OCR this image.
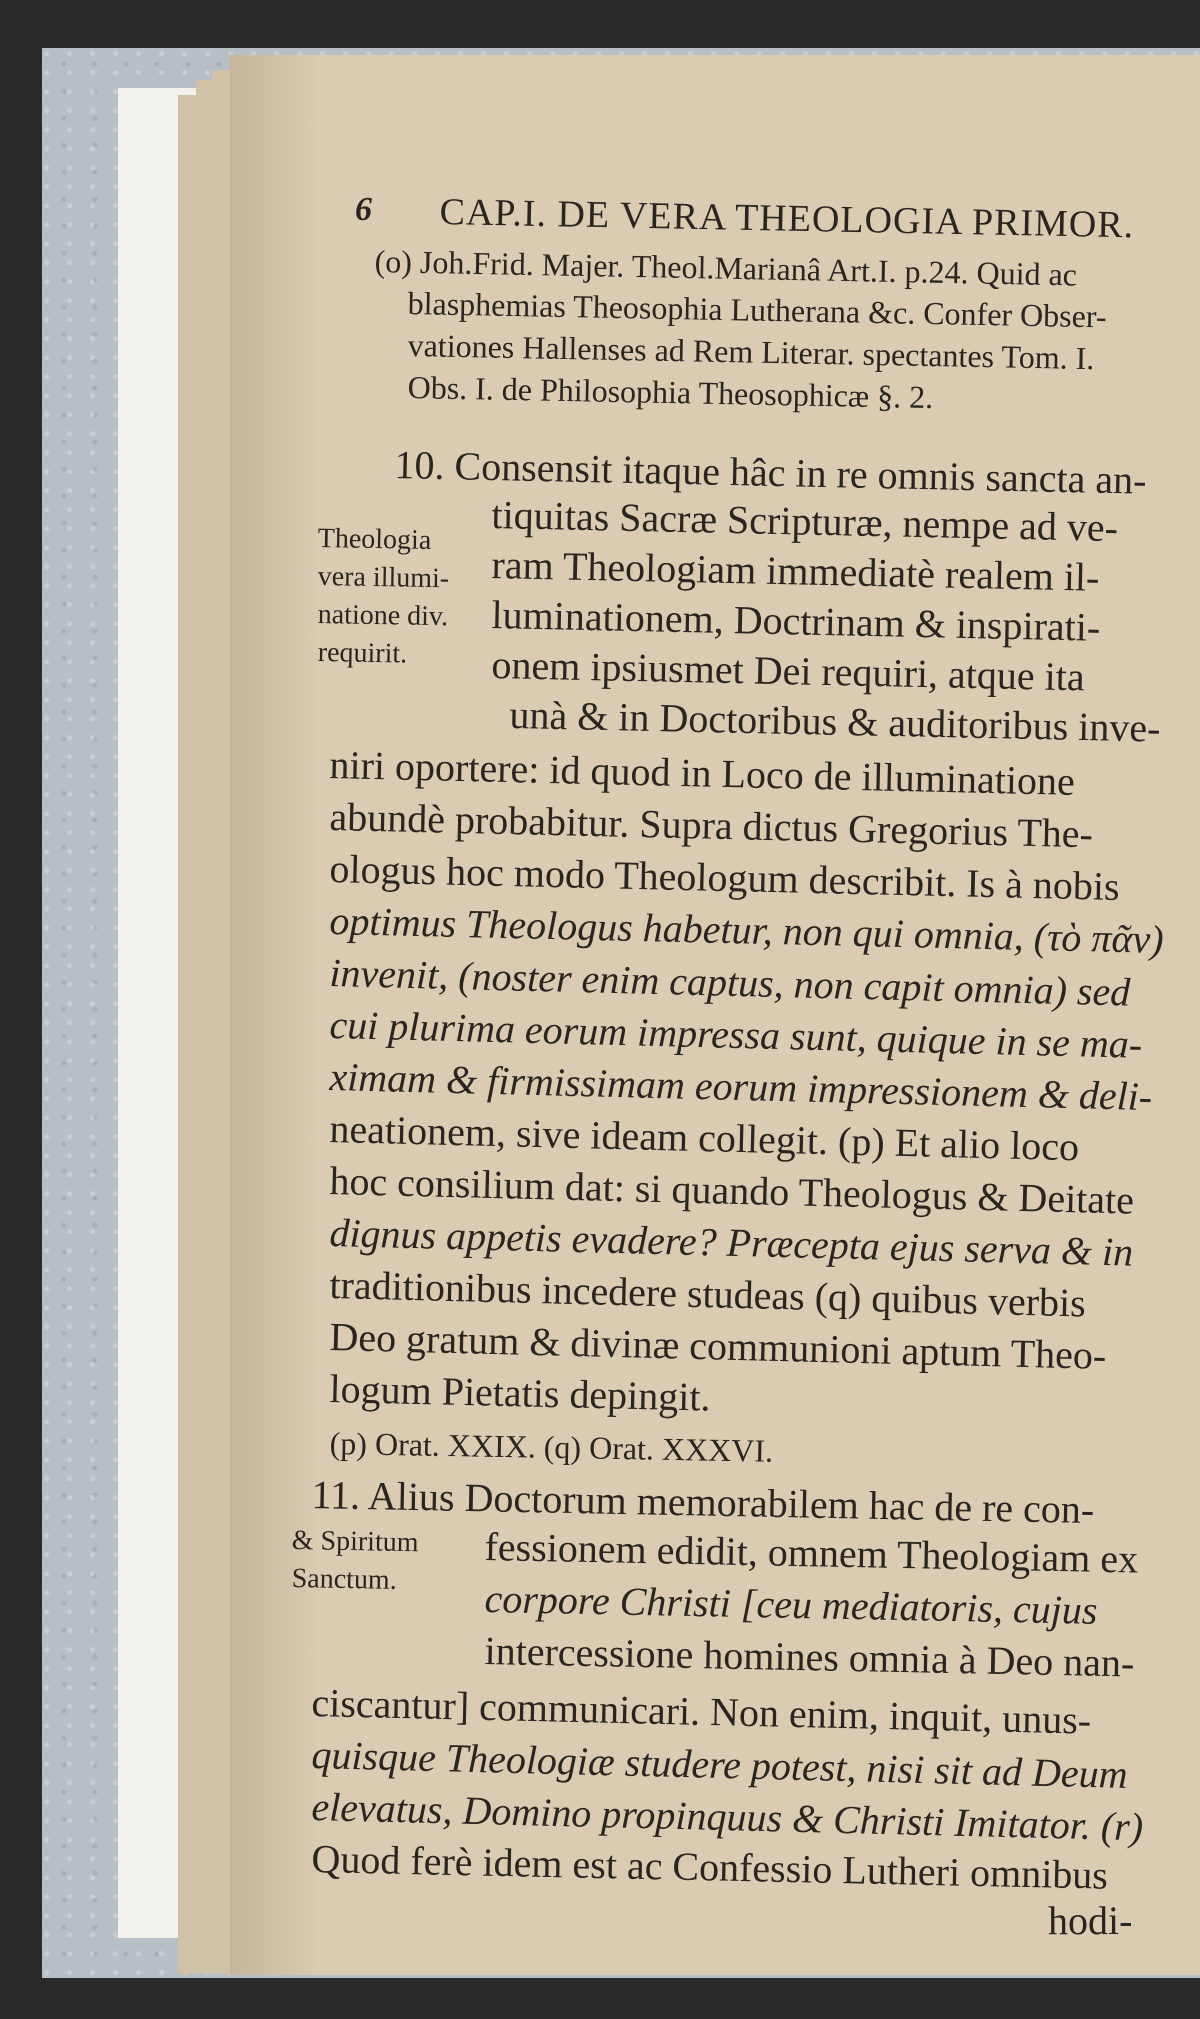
6 CAP.I. DE VERA THEOLOGIA PRIMOR.
(o) Joh.Frid. Majer. Theol.Marianâ Art.I. p.24. Quid ac
blasphemias Theosophia Lutherana &c. Confer Obser-
vationes Hallenses ad Rem Literar. spectantes Tom. I.
Obs. I. de Philosophia Theosophicæ §. 2.
Theologia
vera illumi-
natione div.
requirit.
10. Consensit itaque hâc in re omnis sancta an-
tiquitas Sacræ Scripturæ, nempe ad ve-
ram Theologiam immediatè realem il-
luminationem, Doctrinam & inspirati-
onem ipsiusmet Dei requiri, atque ita
unà & in Doctoribus & auditoribus inve-
niri oportere: id quod in Loco de illuminatione
abundè probabitur. Supra dictus Gregorius The-
ologus hoc modo Theologum describit. Is à nobis
optimus Theologus habetur, non qui omnia, (τὸ πᾶν)
invenit, (noster enim captus, non capit omnia) sed
cui plurima eorum impressa sunt, quique in se ma-
ximam & firmissimam eorum impressionem & deli-
neationem, sive ideam collegit. (p) Et alio loco
hoc consilium dat: si quando Theologus & Deitate
dignus appetis evadere? Præcepta ejus serva & in
traditionibus incedere studeas (q) quibus verbis
Deo gratum & divinæ communioni aptum Theo-
logum Pietatis depingit.
(p) Orat. XXIX. (q) Orat. XXXVI.
& Spiritum
Sanctum.
11. Alius Doctorum memorabilem hac de re con-
fessionem edidit, omnem Theologiam ex
corpore Christi [ceu mediatoris, cujus
intercessione homines omnia à Deo nan-
ciscantur] communicari. Non enim, inquit, unus-
quisque Theologiæ studere potest, nisi sit ad Deum
elevatus, Domino propinquus & Christi Imitator. (r)
Quod ferè idem est ac Confessio Lutheri omnibus
hodi-
